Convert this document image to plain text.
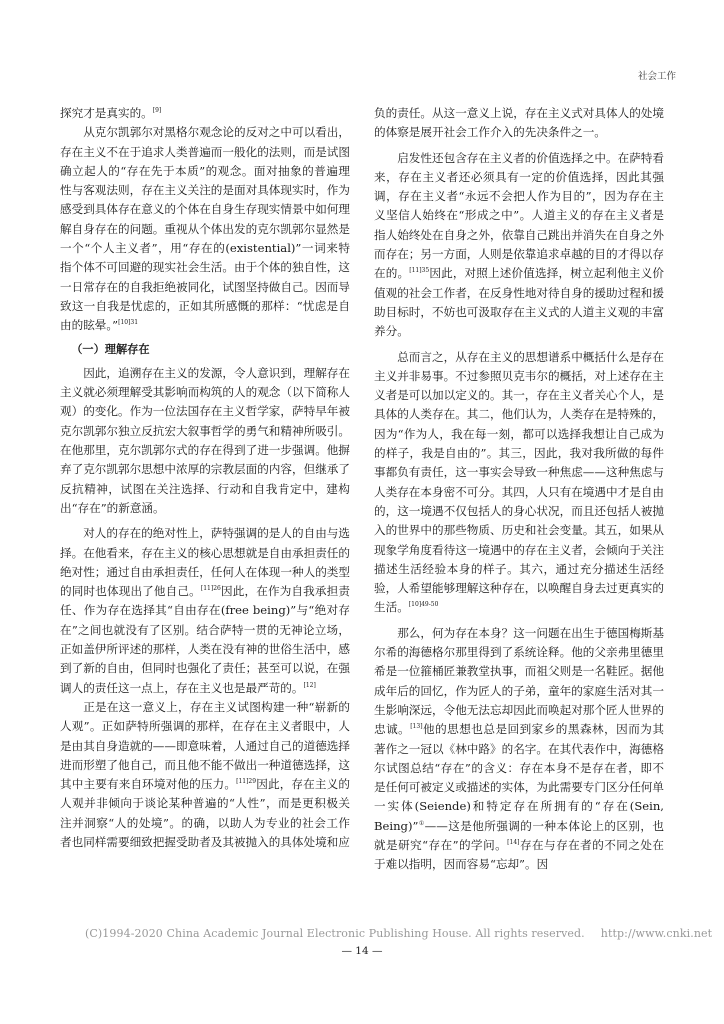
社会工作

探究才是真实的。[9]

从克尔凯郭尔对黑格尔观念论的反对之中可以看出，存在主义不在于追求人类普遍而一般化的法则，而是试图确立起人的“存在先于本质”的观念。面对抽象的普遍理性与客观法则，存在主义关注的是面对具体现实时，作为感受到具体存在意义的个体在自身生存现实情景中如何理解自身存在的问题。重视从个体出发的克尔凯郭尔显然是一个“个人主义者”，用“存在的(existential)”一词来特指个体不可回避的现实社会生活。由于个体的独自性，这一日常存在的自我拒绝被同化，试图坚持做自己。因而导致这一自我是忧虑的，正如其所感慨的那样：“忧虑是自由的眩晕。”$^{[10]31}$

（一）理解存在

因此，追溯存在主义的发源，令人意识到，理解存在主义就必须理解受其影响而构筑的人的观念（以下简称人观）的变化。作为一位法国存在主义哲学家，萨特早年被克尔凯郭尔独立反抗宏大叙事哲学的勇气和精神所吸引。在他那里，克尔凯郭尔式的存在得到了进一步强调。他摒弃了克尔凯郭尔思想中浓厚的宗教层面的内容，但继承了反抗精神，试图在关注选择、行动和自我肯定中，建构出“存在”的新意涵。

对人的存在的绝对性上，萨特强调的是人的自由与选择。在他看来，存在主义的核心思想就是自由承担责任的绝对性；通过自由承担责任，任何人在体现一种人的类型的同时也体现出了他自己。$^{[11]26}$因此，在作为自我承担责任、作为存在选择其“自由存在(free being)”与“绝对存在”之间也就没有了区别。结合萨特一贯的无神论立场，正如盖伊所评述的那样，人类在没有神的世俗生活中，感到了新的自由，但同时也强化了责任；甚至可以说，在强调人的责任这一点上，存在主义也是最严苛的。[12]

正是在这一意义上，存在主义试图构建一种“崭新的人观”。正如萨特所强调的那样，在存在主义者眼中，人是由其自身造就的——即意味着，人通过自己的道德选择进而形塑了他自己，而且他不能不做出一种道德选择，这其中主要有来自环境对他的压力。$^{[11]29}$因此，存在主义的人观并非倾向于谈论某种普遍的“人性”，而是更积极关注并洞察“人的处境”。的确，以助人为专业的社会工作者也同样需要细致把握受助者及其被抛入的具体处境和应

负的责任。从这一意义上说，存在主义式对具体人的处境的体察是展开社会工作介入的先决条件之一。

启发性还包含存在主义者的价值选择之中。在萨特看来，存在主义者还必须具有一定的价值选择，因此其强调，存在主义者“永远不会把人作为目的”，因为存在主义坚信人始终在“形成之中”。人道主义的存在主义者是指人始终处在自身之外，依靠自己跳出并消失在自身之外而存在；另一方面，人则是依靠追求卓越的目的才得以存在的。$^{[11]35}$因此，对照上述价值选择，树立起利他主义价值观的社会工作者，在反身性地对待自身的援助过程和援助目标时，不妨也可汲取存在主义式的人道主义观的丰富养分。

总而言之，从存在主义的思想谱系中概括什么是存在主义并非易事。不过参照贝克韦尔的概括，对上述存在主义者是可以加以定义的。其一，存在主义者关心个人，是具体的人类存在。其二，他们认为，人类存在是特殊的，因为“作为人，我在每一刻，都可以选择我想让自己成为的样子，我是自由的”。其三，因此，我对我所做的每件事都负有责任，这一事实会导致一种焦虑——这种焦虑与人类存在本身密不可分。其四，人只有在境遇中才是自由的，这一境遇不仅包括人的身心状况，而且还包括人被抛入的世界中的那些物质、历史和社会变量。其五，如果从现象学角度看待这一境遇中的存在主义者，会倾向于关注描述生活经验本身的样子。其六，通过充分描述生活经验，人希望能够理解这种存在，以唤醒自身去过更真实的生活。$^{[10]49-50}$

那么，何为存在本身？这一问题在出生于德国梅斯基尔希的海德格尔那里得到了系统诠释。他的父亲弗里德里希是一位箍桶匠兼教堂执事，而祖父则是一名鞋匠。据他成年后的回忆，作为匠人的子弟，童年的家庭生活对其一生影响深远，令他无法忘却因此而唤起对那个匠人世界的忠诚。[13]他的思想也总是回到家乡的黑森林，因而为其著作之一冠以《林中路》的名字。在其代表作中，海德格尔试图总结“存在”的含义：存在本身不是存在者，即不是任何可被定义或描述的实体，为此需要专门区分任何单一实体(Seiende)和特定存在所拥有的“存在(Sein, Being)”①——这是他所强调的一种本体论上的区别，也就是研究“存在”的学问。[14]存在与存在者的不同之处在于难以指明，因而容易“忘却”。因

(C)1994-2020 China Academic Journal Electronic Publishing House. All rights reserved. http://www.cnki.net
— 14 —
